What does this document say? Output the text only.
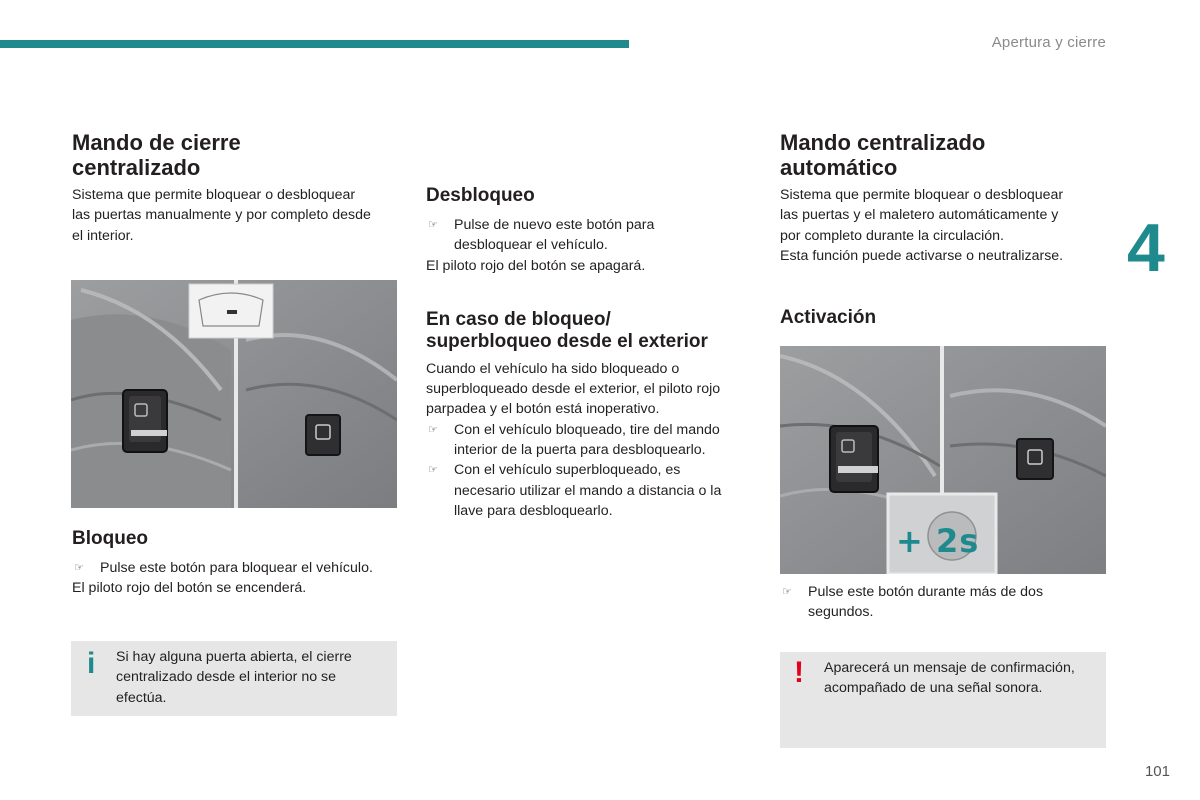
Apertura y cierre
4
101
Mando de cierre
centralizado

Sistema que permite bloquear o desbloquear

las puertas manualmente y por completo desde

el interior.

Bloqueo

☞ Pulse este botón para bloquear el vehículo.

El piloto rojo del botón se encenderá.

i Si hay alguna puerta abierta, el cierre
centralizado desde el interior no se
efectúa.
Desbloqueo

☞ Pulse de nuevo este botón para
desbloquear el vehículo.

El piloto rojo del botón se apagará.

En caso de bloqueo/
superbloqueo desde el exterior

Cuando el vehículo ha sido bloqueado o

superbloqueado desde el exterior, el piloto rojo

parpadea y el botón está inoperativo.

☞ Con el vehículo bloqueado, tire del mando
interior de la puerta para desbloquearlo.

☞ Con el vehículo superbloqueado, es
necesario utilizar el mando a distancia o la
llave para desbloquearlo.

Mando centralizado
automático

Sistema que permite bloquear o desbloquear

las puertas y el maletero automáticamente y

por completo durante la circulación.

Esta función puede activarse o neutralizarse.

Activación
+ 2s

☞ Pulse este botón durante más de dos
segundos.

! Aparecerá un mensaje de confirmación,
acompañado de una señal sonora.
